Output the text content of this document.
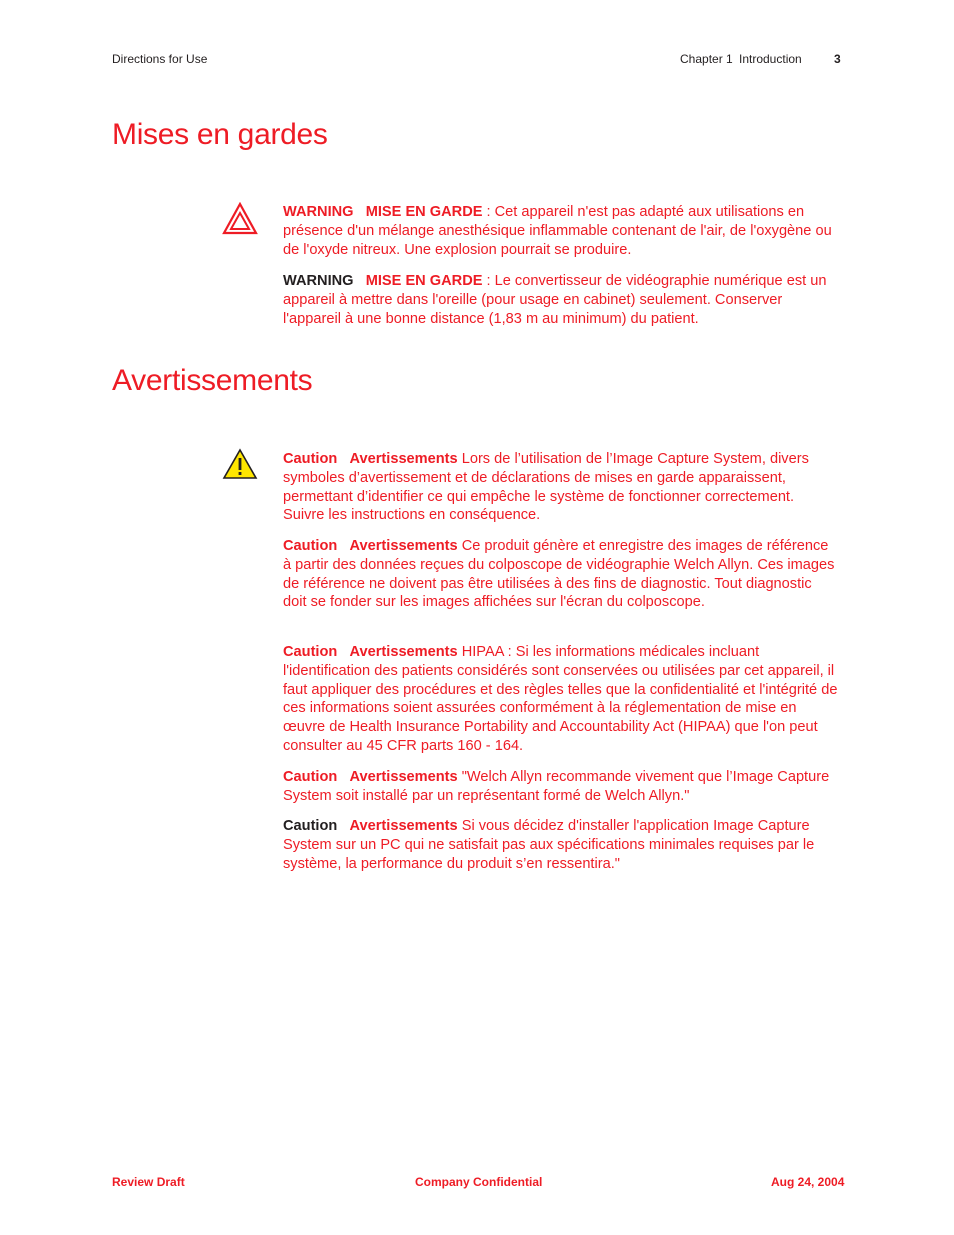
Directions for Use	Chapter 1 Introduction	3
Mises en gardes

WARNING MISE EN GARDE : Cet appareil n'est pas adapté aux utilisations en présence d'un mélange anesthésique inflammable contenant de l'air, de l'oxygène ou de l'oxyde nitreux. Une explosion pourrait se produire.

WARNING MISE EN GARDE : Le convertisseur de vidéographie numérique est un appareil à mettre dans l'oreille (pour usage en cabinet) seulement. Conserver l'appareil à une bonne distance (1,83 m au minimum) du patient.

Avertissements

Caution Avertissements Lors de l’utilisation de l’Image Capture System, divers symboles d’avertissement et de déclarations de mises en garde apparaissent, permettant d’identifier ce qui empêche le système de fonctionner correctement. Suivre les instructions en conséquence.

Caution Avertissements Ce produit génère et enregistre des images de référence à partir des données reçues du colposcope de vidéographie Welch Allyn. Ces images de référence ne doivent pas être utilisées à des fins de diagnostic. Tout diagnostic doit se fonder sur les images affichées sur l'écran du colposcope.

Caution Avertissements HIPAA : Si les informations médicales incluant l'identification des patients considérés sont conservées ou utilisées par cet appareil, il faut appliquer des procédures et des règles telles que la confidentialité et l'intégrité de ces informations soient assurées conformément à la réglementation de mise en œuvre de Health Insurance Portability and Accountability Act (HIPAA) que l'on peut consulter au 45 CFR parts 160 - 164.

Caution Avertissements "Welch Allyn recommande vivement que l’Image Capture System soit installé par un représentant formé de Welch Allyn."

Caution Avertissements Si vous décidez d'installer l'application Image Capture System sur un PC qui ne satisfait pas aux spécifications minimales requises par le système, la performance du produit s’en ressentira."

Review Draft	Company Confidential	Aug 24, 2004
